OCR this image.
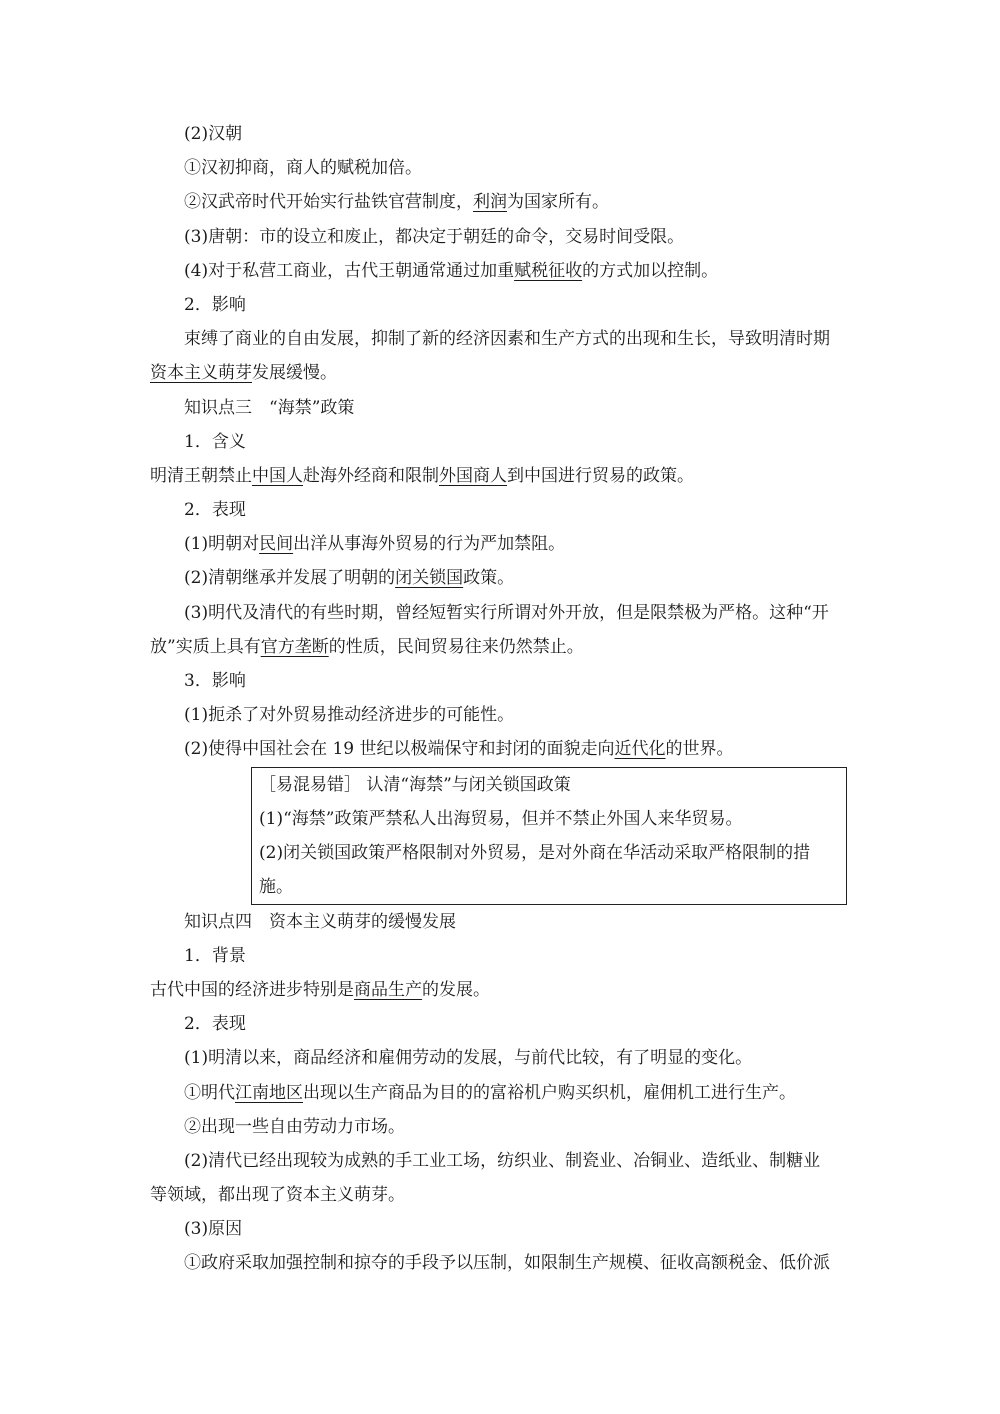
(2)汉朝
①汉初抑商，商人的赋税加倍。
②汉武帝时代开始实行盐铁官营制度，利润为国家所有。
(3)唐朝：市的设立和废止，都决定于朝廷的命令，交易时间受限。
(4)对于私营工商业，古代王朝通常通过加重赋税征收的方式加以控制。
2．影响
束缚了商业的自由发展，抑制了新的经济因素和生产方式的出现和生长，导致明清时期
资本主义萌芽发展缓慢。
知识点三　“海禁”政策
1．含义
明清王朝禁止中国人赴海外经商和限制外国商人到中国进行贸易的政策。
2．表现
(1)明朝对民间出洋从事海外贸易的行为严加禁阻。
(2)清朝继承并发展了明朝的闭关锁国政策。
(3)明代及清代的有些时期，曾经短暂实行所谓对外开放，但是限禁极为严格。这种“开
放”实质上具有官方垄断的性质，民间贸易往来仍然禁止。
3．影响
(1)扼杀了对外贸易推动经济进步的可能性。
(2)使得中国社会在 19 世纪以极端保守和封闭的面貌走向近代化的世界。
［易混易错］ 认清“海禁”与闭关锁国政策
(1)“海禁”政策严禁私人出海贸易，但并不禁止外国人来华贸易。
(2)闭关锁国政策严格限制对外贸易，是对外商在华活动采取严格限制的措
施。
知识点四　资本主义萌芽的缓慢发展
1．背景
古代中国的经济进步特别是商品生产的发展。
2．表现
(1)明清以来，商品经济和雇佣劳动的发展，与前代比较，有了明显的变化。
①明代江南地区出现以生产商品为目的的富裕机户购买织机，雇佣机工进行生产。
②出现一些自由劳动力市场。
(2)清代已经出现较为成熟的手工业工场，纺织业、制瓷业、冶铜业、造纸业、制糖业
等领域，都出现了资本主义萌芽。
(3)原因
①政府采取加强控制和掠夺的手段予以压制，如限制生产规模、征收高额税金、低价派
